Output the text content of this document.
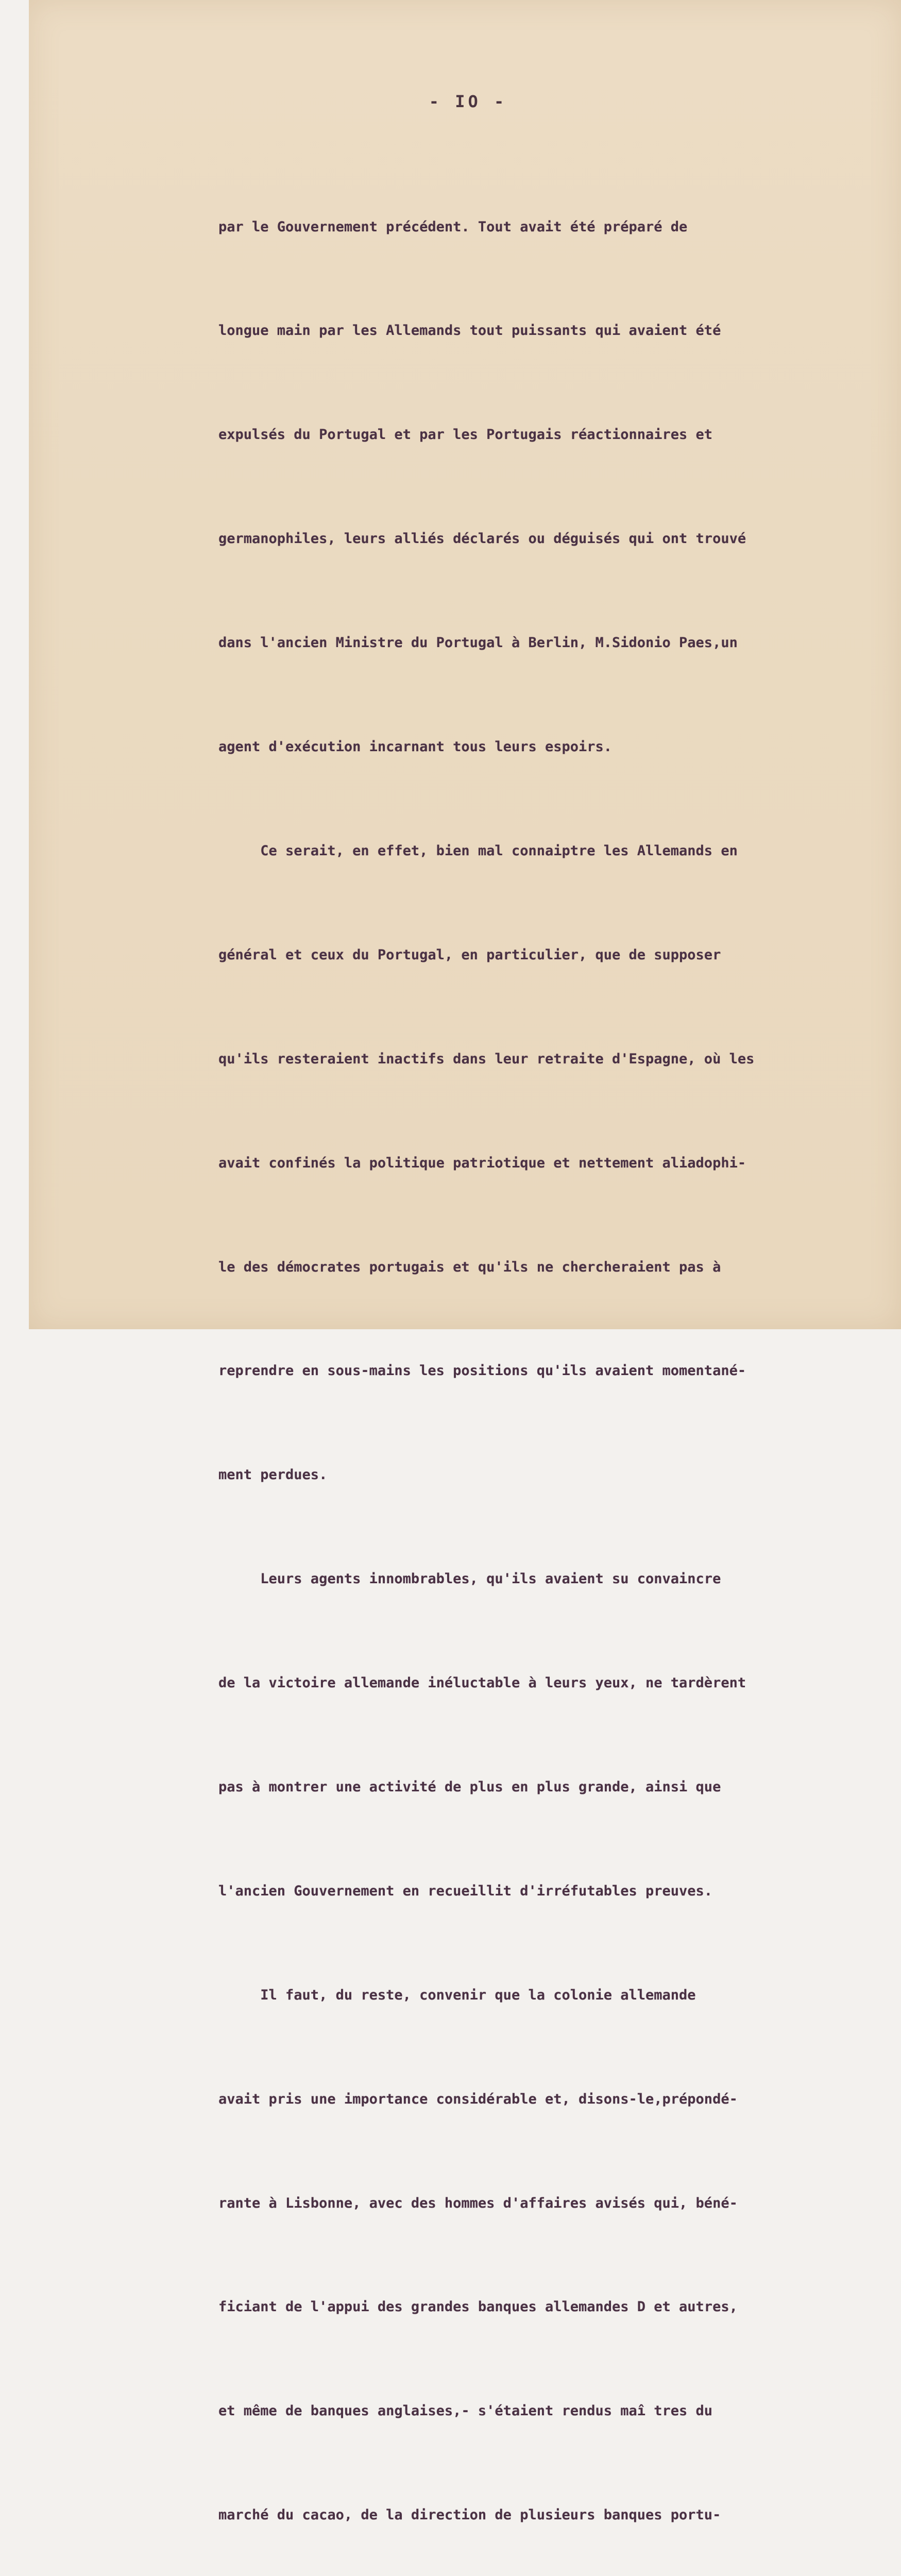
- IO -

par le Gouvernement précédent. Tout avait été préparé de

longue main par les Allemands tout puissants qui avaient été

expulsés du Portugal et par les Portugais réactionnaires et

germanophiles, leurs alliés déclarés ou déguisés qui ont trouvé

dans l'ancien Ministre du Portugal à Berlin, M.Sidonio Paes,un

agent d'exécution incarnant tous leurs espoirs.

Ce serait, en effet, bien mal connaiptre les Allemands en

général et ceux du Portugal, en particulier, que de supposer

qu'ils resteraient inactifs dans leur retraite d'Espagne, où les

avait confinés la politique patriotique et nettement aliadophi-

le des démocrates portugais et qu'ils ne chercheraient pas à

reprendre en sous-mains les positions qu'ils avaient momentané-

ment perdues.

Leurs agents innombrables, qu'ils avaient su convaincre

de la victoire allemande inéluctable à leurs yeux, ne tardèrent

pas à montrer une activité de plus en plus grande, ainsi que

l'ancien Gouvernement en recueillit d'irréfutables preuves.

Il faut, du reste, convenir que la colonie allemande

avait pris une importance considérable et, disons-le,prépondé-

rante à Lisbonne, avec des hommes d'affaires avisés qui, béné-

ficiant de l'appui des grandes banques allemandes D et autres,

et même de banques anglaises,- s'étaient rendus maî tres du

marché du cacao, de la direction de plusieurs banques portu-
